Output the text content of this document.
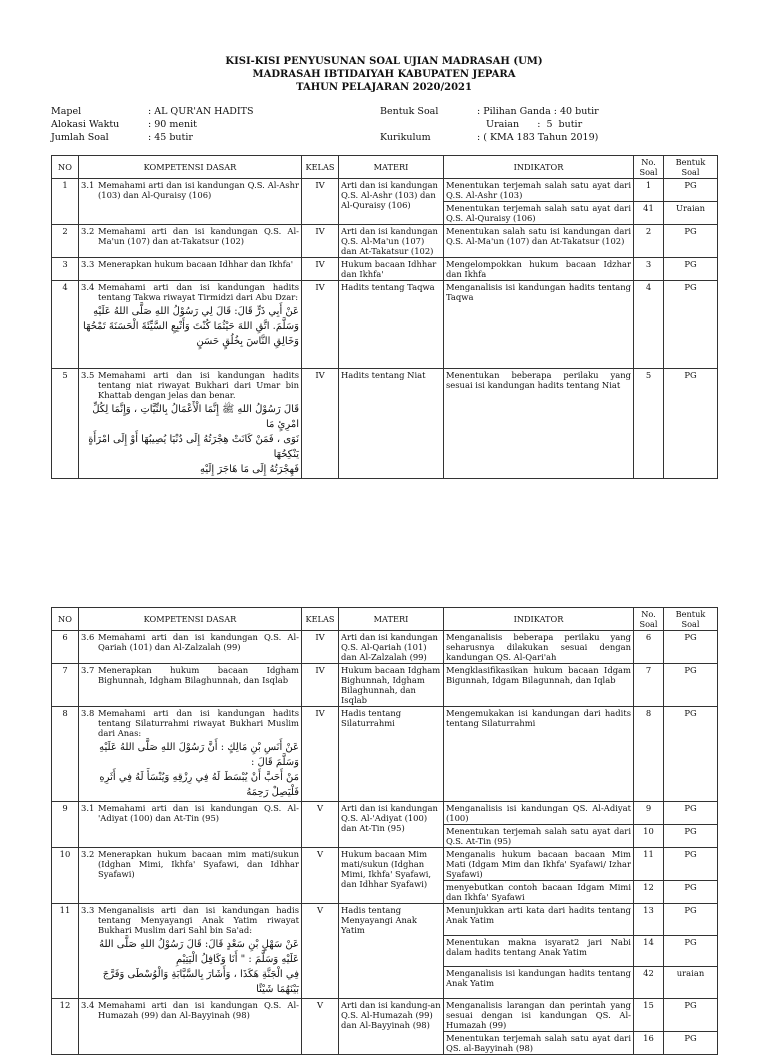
KISI-KISI PENYUSUNAN SOAL UJIAN MADRASAH (UM)
MADRASAH IBTIDAIYAH KABUPATEN JEPARA
TAHUN PELAJARAN 2020/2021
Mapel	: AL QUR'AN HADITS
Alokasi Waktu	: 90 menit
Jumlah Soal	: 45 butir
Bentuk Soal	: Pilihan Ganda : 40 butir
Uraian      :  5  butir
Kurikulum	: ( KMA 183 Tahun 2019)
NO	KOMPETENSI DASAR	KELAS	MATERI	INDIKATOR	No. Soal	Bentuk Soal
1	3.1 Memahami arti dan isi kandungan Q.S. Al-Ashr (103) dan Al-Quraisy (106)	IV	Arti dan isi kandungan Q.S. Al-Ashr (103) dan Al-Quraisy (106)	Menentukan terjemah salah satu ayat dari Q.S. Al-Ashr (103)	1	PG
				Menentukan terjemah salah satu ayat dari Q.S. Al-Quraisy (106)	41	Uraian
2	3.2 Memahami arti dan isi kandungan Q.S. Al-Ma'un (107) dan at-Takatsur (102)	IV	Arti dan isi kandungan Q.S. Al-Ma'un (107) dan At-Takatsur (102)	Menentukan salah satu isi kandungan dari Q.S. Al-Ma'un (107) dan At-Takatsur (102)	2	PG
3	3.3 Menerapkan hukum bacaan Idhhar dan Ikhfa'	IV	Hukum bacaan Idhhar dan Ikhfa'	Mengelompokkan hukum bacaan Idzhar dan Ikhfa	3	PG
4	3.4 Memahami arti dan isi kandungan hadits tentang Takwa riwayat Tirmidzi dari Abu Dzar:
عَنْ أَبِي ذَرٍّ قَالَ: قَالَ لِي رَسُوْلُ اللهِ صَلَّى اللهُ عَلَيْهِ
وَسَلَّمَ. اتَّقِ اللهَ حَيْثُمَا كُنْتَ وَأَتْبِعِ السَّيِّئَةَ الْحَسَنَةَ تَمْحُهَا
وَخَالِقِ النَّاسَ بِخُلُقٍ حَسَنٍ	IV	Hadits tentang Taqwa	Menganalisis isi kandungan hadits tentang Taqwa	4	PG
5	3.5 Memahami arti dan isi kandungan hadits tentang niat riwayat Bukhari dari Umar bin Khattab dengan jelas dan benar.
قَالَ رَسُوْلُ اللهِ ﷺ إِنَّمَا الْأَعْمَالُ بِالنِّيَّاتِ ، وَإِنَّمَا لِكُلِّ امْرِئٍ مَا
نَوَى ، فَمَنْ كَانَتْ هِجْرَتُهُ إِلَى دُنْيَا يُصِيبُهَا أَوْ إِلَى امْرَأَةٍ يَنْكِحُهَا
فَهِجْرَتُهُ إِلَى مَا هَاجَرَ إِلَيْهِ	IV	Hadits tentang Niat	Menentukan beberapa perilaku yang sesuai isi kandungan hadits tentang Niat	5	PG
NO	KOMPETENSI DASAR	KELAS	MATERI	INDIKATOR	No. Soal	Bentuk Soal
6	3.6 Memahami arti dan isi kandungan Q.S. Al-Qariah (101) dan Al-Zalzalah (99)	IV	Arti dan isi kandungan Q.S. Al-Qariah (101) dan Al-Zalzalah (99)	Menganalisis beberapa perilaku yang seharusnya dilakukan sesuai dengan kandungan QS. Al-Qari'ah	6	PG
7	3.7 Menerapkan hukum bacaan Idgham Bighunnah, Idgham Bilaghunnah, dan Isqlab	IV	Hukum bacaan Idgham Bighunnah, Idgham Bilaghunnah, dan Isqlab	Mengklasifikasikan hukum bacaan Idgam Bigunnah, Idgam Bilagunnah, dan Iqlab	7	PG
8	3.8 Memahami arti dan isi kandungan hadits tentang Silaturrahmi riwayat Bukhari Muslim dari Anas:
عَنْ أَنَسِ بْنِ مَالِكٍ : أَنَّ رَسُوْلَ اللهِ صَلَّى اللهُ عَلَيْهِ وَسَلَّمَ قَالَ :
مَنْ أَحَبَّ أَنْ يُبْسَطَ لَهُ فِي رِزْقِهِ وَيُنْسَأَ لَهُ فِي أَثَرِهِ فَلْيَصِلْ رَحِمَهُ	IV	Hadis tentang Silaturrahmi	Mengemukakan isi kandungan dari hadits tentang Silaturrahmi	8	PG
9	3.1 Memahami arti dan isi kandungan Q.S. Al-'Adiyat (100) dan At-Tin (95)	V	Arti dan isi kandungan Q.S. Al-'Adiyat (100) dan At-Tin (95)	Menganalisis isi kandungan QS. Al-Adiyat (100)	9	PG
				Menentukan terjemah salah satu ayat dari Q.S. At-Tin (95)	10	PG
10	3.2 Menerapkan hukum bacaan mim mati/sukun (Idghan Mimi, Ikhfa' Syafawi, dan Idhhar Syafawi)	V	Hukum bacaan Mim mati/sukun (Idghan Mimi, Ikhfa' Syafawi, dan Idhhar Syafawi)	Menganalis hukum bacaan bacaan Mim Mati (Idgam Mim dan Ikhfa' Syafawi/ Izhar Syafawi)	11	PG
				menyebutkan contoh bacaan Idgam Mimi dan Ikhfa' Syafawi	12	PG
11	3.3 Menganalisis arti dan isi kandungan hadis tentang Menyayangi Anak Yatim riwayat Bukhari Muslim dari Sahl bin Sa'ad:
عَنْ سَهْلٍ بْنِ سَعْدٍ قَالَ: قَالَ رَسُوْلُ اللهِ صَلَّى اللهُ عَلَيْهِ وَسَلَّمَ : " أَنَا وَكَافِلُ الْيَتِيْمِ
فِي الْجَنَّةِ هَكَذَا ، وَأَشَارَ بِالسَّبَّابَةِ وَالْوُسْطَى وَفَرَّجَ بَيْنَهُمَا شَيْئًا	V	Hadis tentang Menyayangi Anak Yatim	Menunjukkan arti kata dari hadits tentang Anak Yatim	13	PG
				Menentukan makna isyarat2 jari Nabi dalam hadits tentang Anak Yatim	14	PG
				Menganalisis isi kandungan hadits tentang Anak Yatim	42	uraian
12	3.4 Memahami arti dan isi kandungan Q.S. Al-Humazah (99) dan Al-Bayyinah (98)	V	Arti dan isi kandung-an Q.S. Al-Humazah (99) dan Al-Bayyinah (98)	Menganalisis larangan dan perintah yang sesuai dengan isi kandungan QS. Al-Humazah (99)	15	PG
				Menentukan terjemah salah satu ayat dari QS. al-Bayyinah (98)	16	PG
